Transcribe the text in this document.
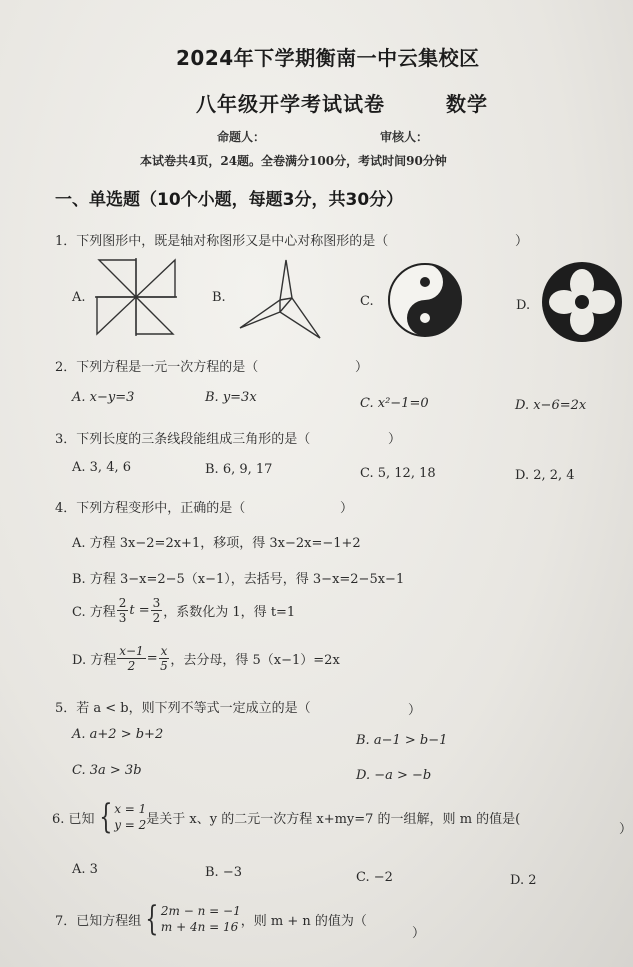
2024年下学期衡南一中云集校区
八年级开学考试试卷	数学
命题人：	审核人：
本试卷共4页，24题。全卷满分100分，考试时间90分钟
一、单选题（10个小题，每题3分，共30分）
1．下列图形中，既是轴对称图形又是中心对称图形的是（	）
A.	B.	C.	D.
2．下列方程是一元一次方程的是（	）
A. x−y=3	B. y=3x	C. x²−1=0	D. x−6=2x
3．下列长度的三条线段能组成三角形的是（	）
A. 3, 4, 6	B. 6, 9, 17	C. 5, 12, 18	D. 2, 2, 4
4．下列方程变形中，正确的是（	）
A. 方程 3x−2=2x+1，移项，得 3x−2x=−1+2
B. 方程 3−x=2−5（x−1），去括号，得 3−x=2−5x−1
C. 方程 $\frac{2}{3}$ $t = \frac{3}{2}$ ，系数化为 1，得 t=1
D. 方程 $\frac{x-1}{2} = \frac{x}{5}$ ，去分母，得 5（x−1）=2x
5．若 a < b，则下列不等式一定成立的是（	）
A. a+2 > b+2	B. a−1 > b−1
C. 3a > 3b	D. −a > −b
6. 已知 { x = 1
y = 2 是关于 x、y 的二元一次方程 x+my=7 的一组解，则 m 的值是(
）
A. 3	B. −3	C. −2	D. 2
7．已知方程组 { 2m − n = −1
m + 4n = 16 ，则 m + n 的值为（
）
